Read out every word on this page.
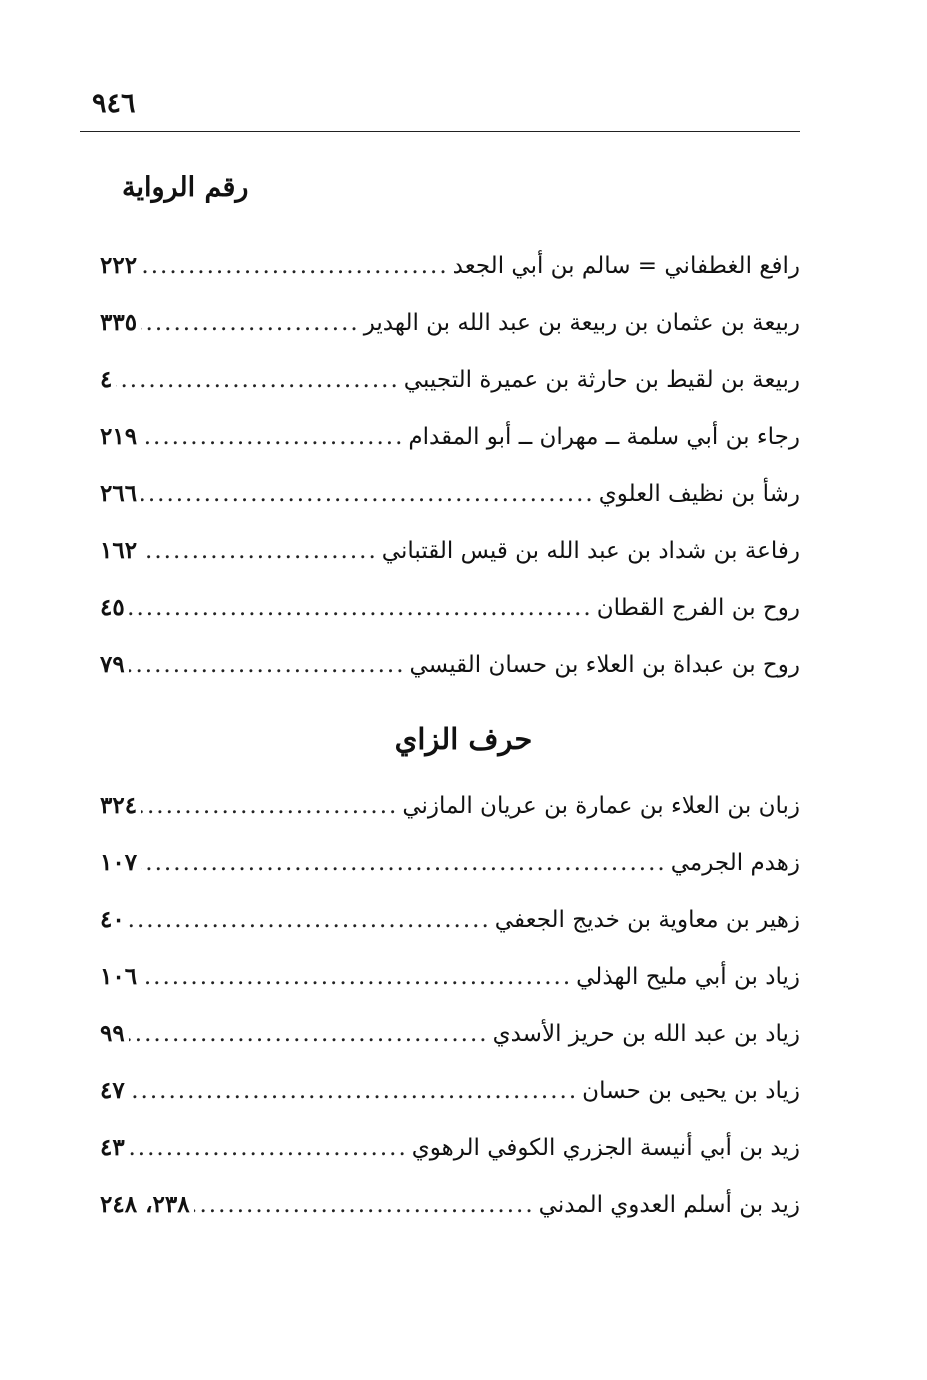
٩٤٦
رقم الرواية
رافع الغطفاني = سالم بن أبي الجعد
.....
٢٢٢
ربيعة بن عثمان بن ربيعة بن عبد الله بن الهدير
.....
٣٣٥
ربيعة بن لقيط بن حارثة بن عميرة التجيبي
.....
٤
رجاء بن أبي سلمة ــ مهران ــ أبو المقدام
.....
٢١٩
رشأ بن نظيف العلوي
.....
٢٦٦
رفاعة بن شداد بن عبد الله بن قيس القتباني
.....
١٦٢
روح بن الفرج القطان
.....
٤٥
روح بن عبداة بن العلاء بن حسان القيسي
.....
٧٩
زبان بن العلاء بن عمارة بن عريان المازني
.....
٣٢٤
زهدم الجرمي
.....
١٠٧
زهير بن معاوية بن خديج الجعفي
.....
٤٠
زياد بن أبي مليح الهذلي
.....
١٠٦
زياد بن عبد الله بن حريز الأسدي
.....
٩٩
زياد بن يحيى بن حسان
.....
٤٧
زيد بن أبي أنيسة الجزري الكوفي الرهوي
.....
٤٣
زيد بن أسلم العدوي المدني
.....
٢٣٨، ٢٤٨
حرف الزاي
